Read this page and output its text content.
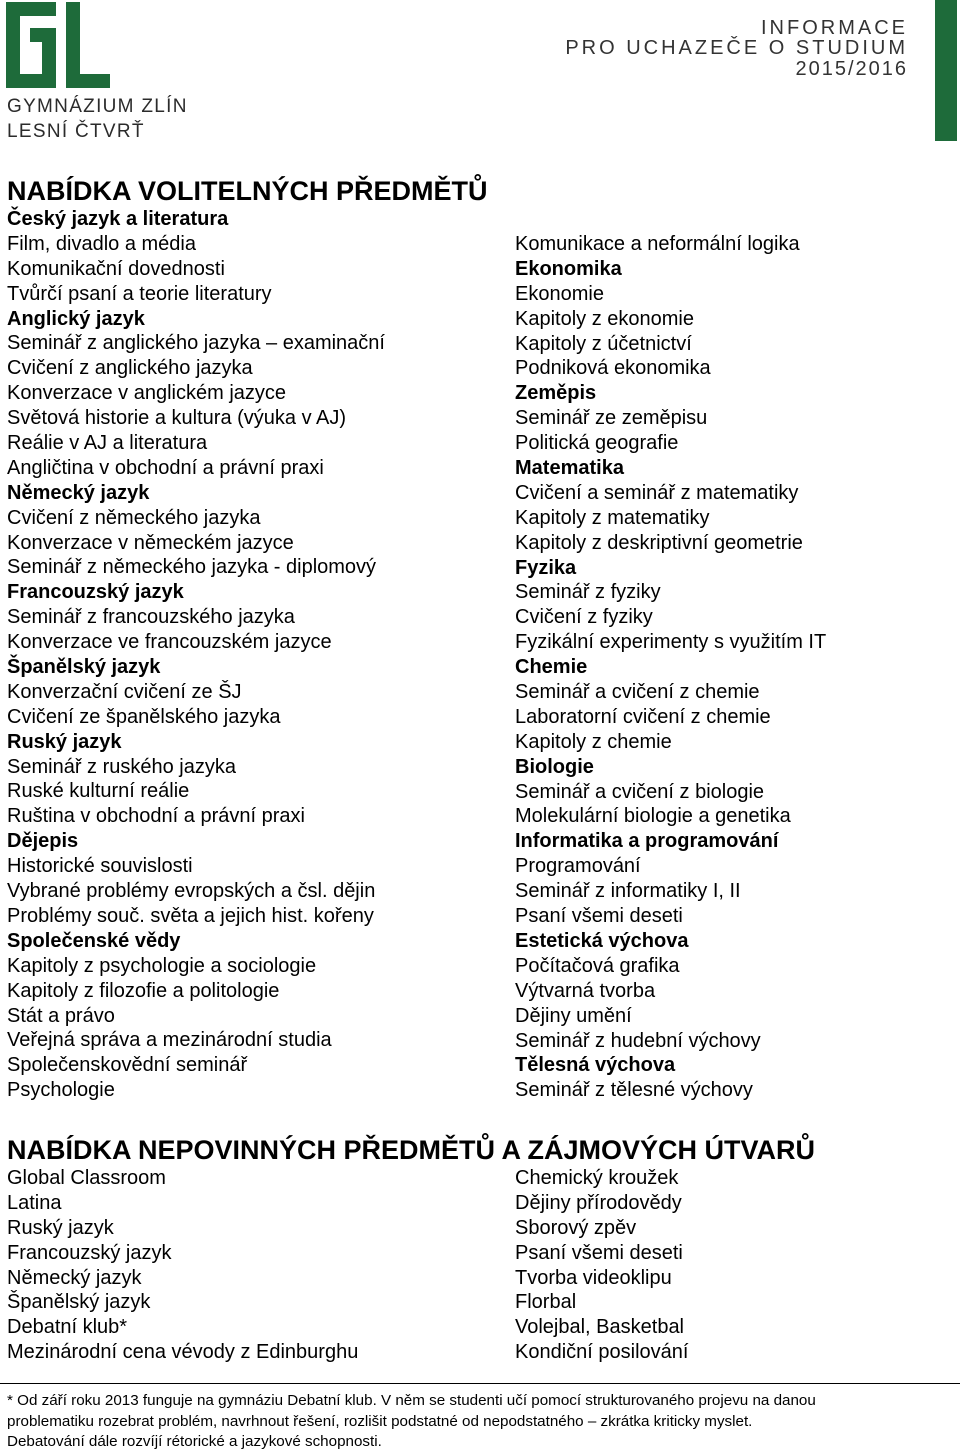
GYMNÁZIUM ZLÍN
LESNÍ ČTVRŤ
INFORMACE
PRO UCHAZEČE O STUDIUM
2015/2016
NABÍDKA VOLITELNÝCH PŘEDMĚTŮ
Český jazyk a literatura
Film, divadlo a média
Komunikační dovednosti
Tvůrčí psaní a teorie literatury
Anglický jazyk
Seminář z anglického jazyka – examinační
Cvičení z anglického jazyka
Konverzace v anglickém jazyce
Světová historie a kultura (výuka v AJ)
Reálie v AJ a literatura
Angličtina v obchodní a právní praxi
Německý jazyk
Cvičení z německého jazyka
Konverzace v německém jazyce
Seminář z německého jazyka - diplomový
Francouzský jazyk
Seminář z francouzského jazyka
Konverzace ve francouzském jazyce
Španělský jazyk
Konverzační cvičení ze ŠJ
Cvičení ze španělského jazyka
Ruský jazyk
Seminář z ruského jazyka
Ruské kulturní reálie
Ruština v obchodní a právní praxi
Dějepis
Historické souvislosti
Vybrané problémy evropských a čsl. dějin
Problémy souč. světa a jejich hist. kořeny
Společenské vědy
Kapitoly z psychologie a sociologie
Kapitoly z filozofie a politologie
Stát a právo
Veřejná správa a mezinárodní studia
Společenskovědní seminář
Psychologie
Komunikace a neformální logika
Ekonomika
Ekonomie
Kapitoly z ekonomie
Kapitoly z účetnictví
Podniková ekonomika
Zeměpis
Seminář ze zeměpisu
Politická geografie
Matematika
Cvičení a seminář z matematiky
Kapitoly z matematiky
Kapitoly z deskriptivní geometrie
Fyzika
Seminář z fyziky
Cvičení z fyziky
Fyzikální experimenty s využitím IT
Chemie
Seminář a cvičení z chemie
Laboratorní cvičení z chemie
Kapitoly z chemie
Biologie
Seminář a cvičení z biologie
Molekulární biologie a genetika
Informatika a programování
Programování
Seminář z informatiky I, II
Psaní všemi deseti
Estetická výchova
Počítačová grafika
Výtvarná tvorba
Dějiny umění
Seminář z hudební výchovy
Tělesná výchova
Seminář z tělesné výchovy
NABÍDKA NEPOVINNÝCH PŘEDMĚTŮ A ZÁJMOVÝCH ÚTVARŮ
Global Classroom
Latina
Ruský jazyk
Francouzský jazyk
Německý jazyk
Španělský jazyk
Debatní klub*
Mezinárodní cena vévody z Edinburghu
Chemický kroužek
Dějiny přírodovědy
Sborový zpěv
Psaní všemi deseti
Tvorba videoklipu
Florbal
Volejbal, Basketbal
Kondiční posilování

* Od září roku 2013 funguje na gymnáziu Debatní klub. V něm se studenti učí pomocí strukturovaného projevu na danou

problematiku rozebrat problém, navrhnout řešení, rozlišit podstatné od nepodstatného – zkrátka kriticky myslet.

Debatování dále rozvíjí rétorické a jazykové schopnosti.
